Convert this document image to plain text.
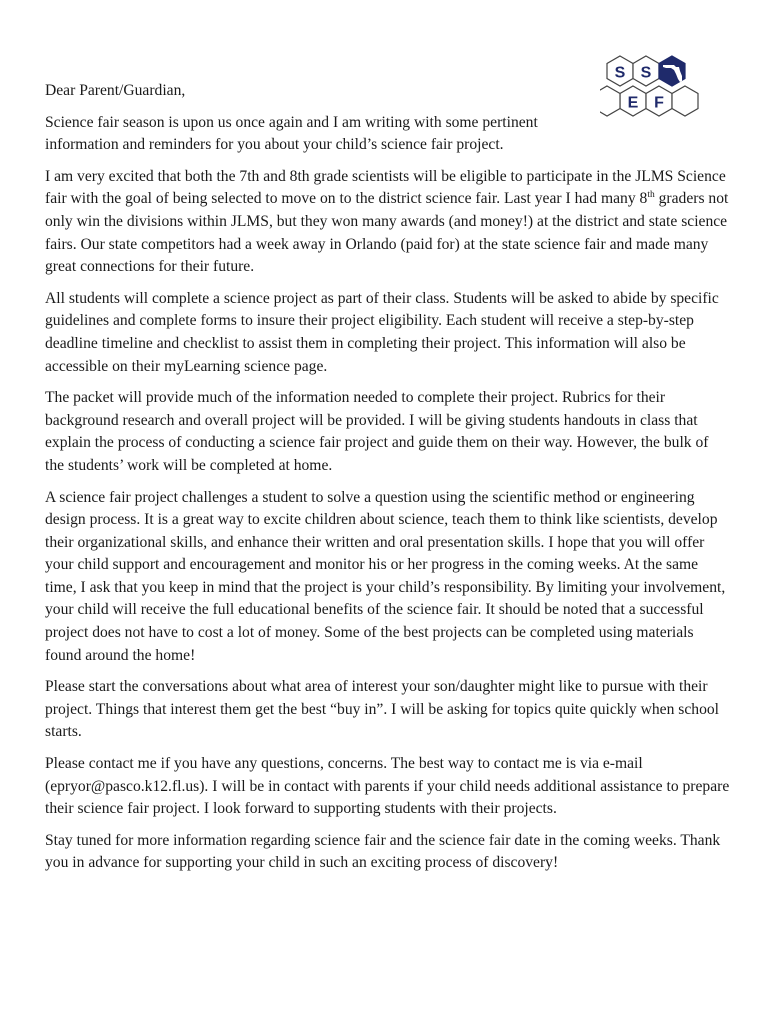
S S
E F

Dear Parent/Guardian,

Science fair season is upon us once again and I am writing with some pertinent information and reminders for you about your child’s science fair project.

I am very excited that both the 7th and 8th grade scientists will be eligible to participate in the JLMS Science fair with the goal of being selected to move on to the district science fair. Last year I had many 8th graders not only win the divisions within JLMS, but they won many awards (and money!) at the district and state science fairs. Our state competitors had a week away in Orlando (paid for) at the state science fair and made many great connections for their future.

All students will complete a science project as part of their class. Students will be asked to abide by specific guidelines and complete forms to insure their project eligibility. Each student will receive a step-by-step deadline timeline and checklist to assist them in completing their project. This information will also be accessible on their myLearning science page.

The packet will provide much of the information needed to complete their project. Rubrics for their background research and overall project will be provided. I will be giving students handouts in class that explain the process of conducting a science fair project and guide them on their way. However, the bulk of the students’ work will be completed at home.

A science fair project challenges a student to solve a question using the scientific method or engineering design process. It is a great way to excite children about science, teach them to think like scientists, develop their organizational skills, and enhance their written and oral presentation skills. I hope that you will offer your child support and encouragement and monitor his or her progress in the coming weeks. At the same time, I ask that you keep in mind that the project is your child’s responsibility. By limiting your involvement, your child will receive the full educational benefits of the science fair. It should be noted that a successful project does not have to cost a lot of money. Some of the best projects can be completed using materials found around the home!

Please start the conversations about what area of interest your son/daughter might like to pursue with their project. Things that interest them get the best “buy in”. I will be asking for topics quite quickly when school starts.

Please contact me if you have any questions, concerns. The best way to contact me is via e-mail (epryor@pasco.k12.fl.us). I will be in contact with parents if your child needs additional assistance to prepare their science fair project. I look forward to supporting students with their projects.

Stay tuned for more information regarding science fair and the science fair date in the coming weeks. Thank you in advance for supporting your child in such an exciting process of discovery!
